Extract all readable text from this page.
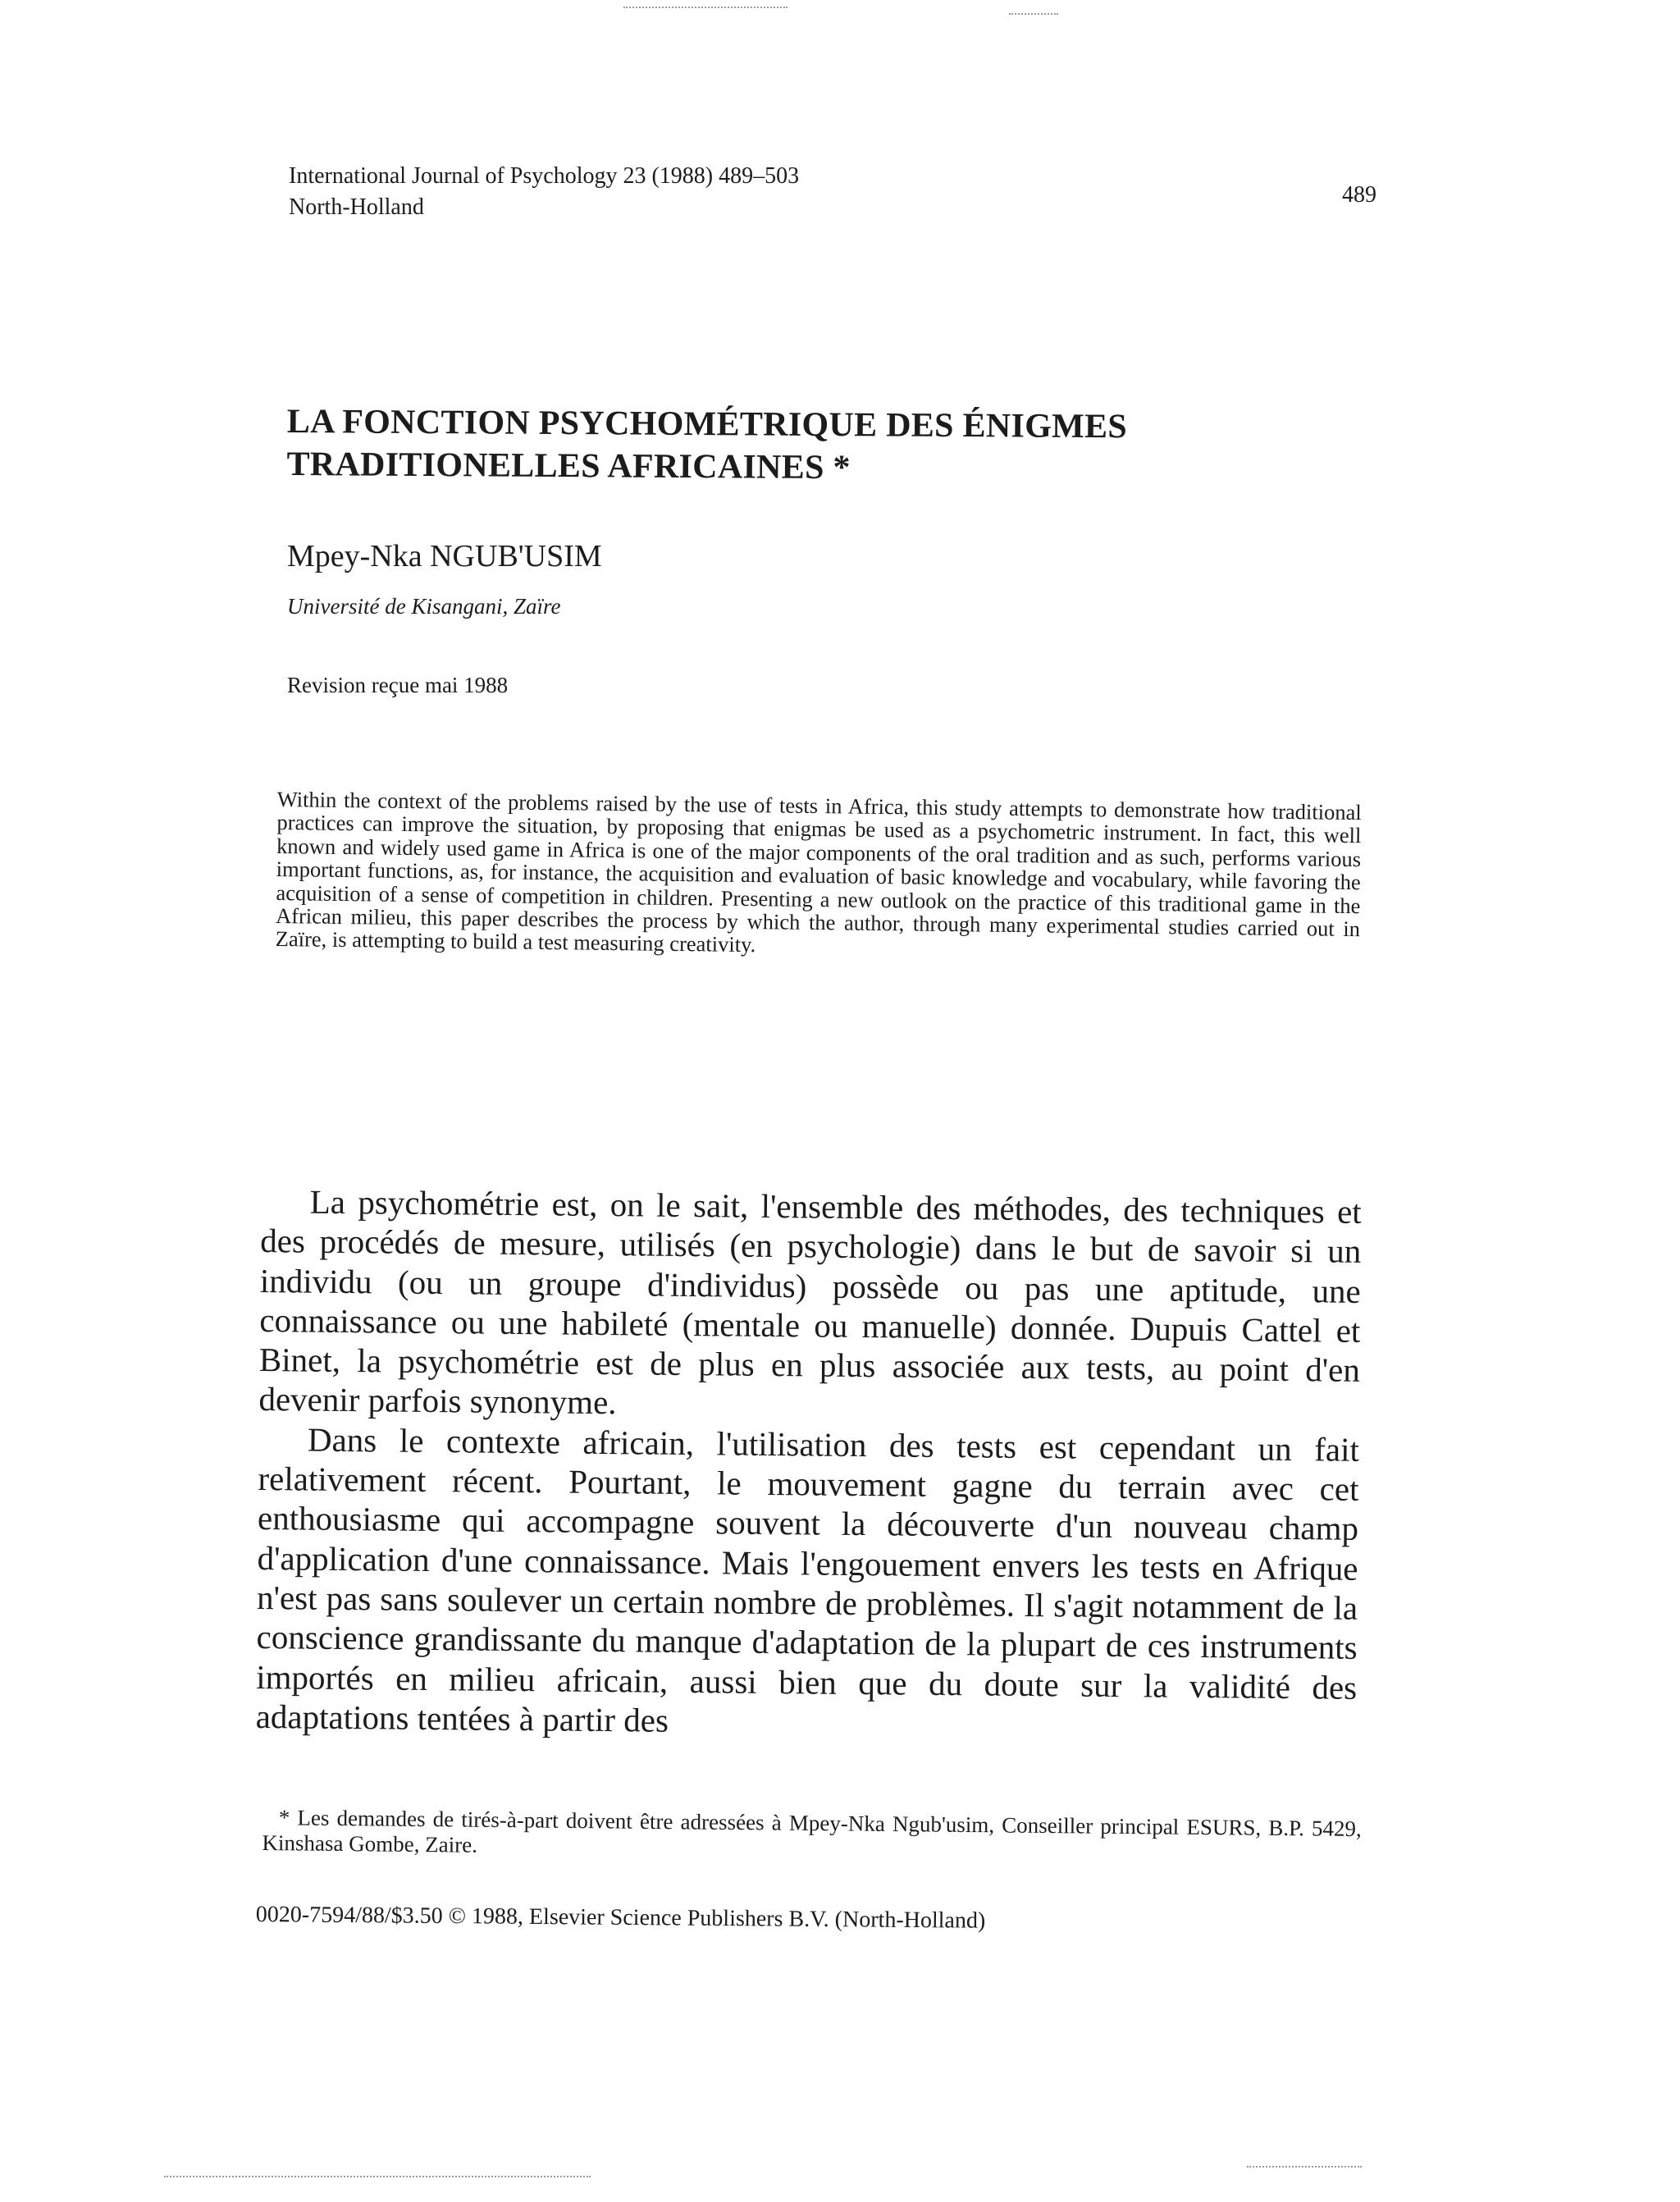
International Journal of Psychology 23 (1988) 489–503
North-Holland	489
LA FONCTION PSYCHOMÉTRIQUE DES ÉNIGMES
TRADITIONELLES AFRICAINES *
Mpey-Nka NGUB'USIM
Université de Kisangani, Zaïre
Revision reçue mai 1988
Within the context of the problems raised by the use of tests in Africa, this study attempts to demonstrate how traditional practices can improve the situation, by proposing that enigmas be used as a psychometric instrument. In fact, this well known and widely used game in Africa is one of the major components of the oral tradition and as such, performs various important functions, as, for instance, the acquisition and evaluation of basic knowledge and vocabulary, while favoring the acquisition of a sense of competition in children. Presenting a new outlook on the practice of this traditional game in the African milieu, this paper describes the process by which the author, through many experimental studies carried out in Zaïre, is attempting to build a test measuring creativity.

La psychométrie est, on le sait, l'ensemble des méthodes, des techniques et des procédés de mesure, utilisés (en psychologie) dans le but de savoir si un individu (ou un groupe d'individus) possède ou pas une aptitude, une connaissance ou une habileté (mentale ou manuelle) donnée. Dupuis Cattel et Binet, la psychométrie est de plus en plus associée aux tests, au point d'en devenir parfois synonyme.

Dans le contexte africain, l'utilisation des tests est cependant un fait relativement récent. Pourtant, le mouvement gagne du terrain avec cet enthousiasme qui accompagne souvent la découverte d'un nouveau champ d'application d'une connaissance. Mais l'engouement envers les tests en Afrique n'est pas sans soulever un certain nombre de problèmes. Il s'agit notamment de la conscience grandissante du manque d'adaptation de la plupart de ces instruments importés en milieu africain, aussi bien que du doute sur la validité des adaptations tentées à partir des

* Les demandes de tirés-à-part doivent être adressées à Mpey-Nka Ngub'usim, Conseiller principal ESURS, B.P. 5429, Kinshasa Gombe, Zaire.
0020-7594/88/$3.50 © 1988, Elsevier Science Publishers B.V. (North-Holland)
